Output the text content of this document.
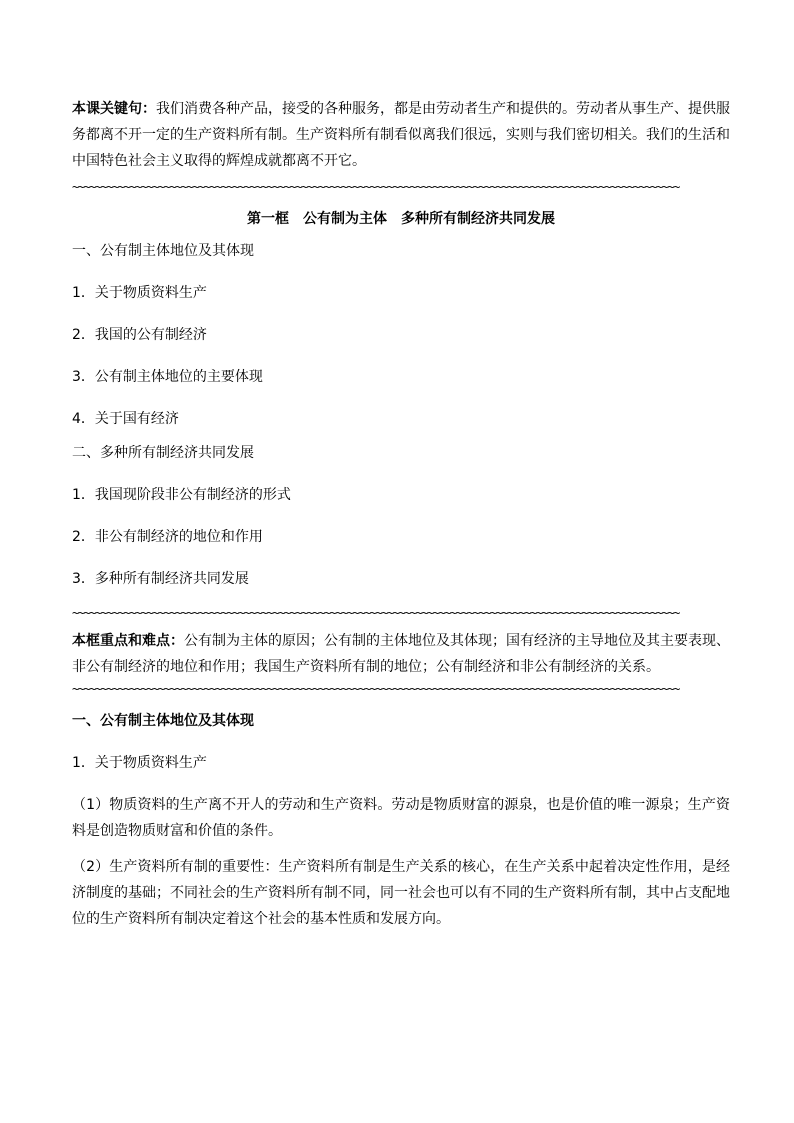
本课关键句：我们消费各种产品，接受的各种服务，都是由劳动者生产和提供的。劳动者从事生产、提供服务都离不开一定的生产资料所有制。生产资料所有制看似离我们很远，实则与我们密切相关。我们的生活和中国特色社会主义取得的辉煌成就都离不开它。

~~~~~~~~~~~~~~~~~~~~~~~~~~~~~~~~~~~~~~~~~~~~~~~~~~~~~~~~~~~~~~~~~~~~~~~~~~~~~~~~~~~~~~~~~~~~~~~~~~~~~~~~~~
第一框　公有制为主体　多种所有制经济共同发展
一、公有制主体地位及其体现
1．关于物质资料生产
2．我国的公有制经济
3．公有制主体地位的主要体现
4．关于国有经济
二、多种所有制经济共同发展
1．我国现阶段非公有制经济的形式
2．非公有制经济的地位和作用
3．多种所有制经济共同发展
~~~~~~~~~~~~~~~~~~~~~~~~~~~~~~~~~~~~~~~~~~~~~~~~~~~~~~~~~~~~~~~~~~~~~~~~~~~~~~~~~~~~~~~~~~~~~~~~~~~~~~~~~~

本框重点和难点：公有制为主体的原因；公有制的主体地位及其体现；国有经济的主导地位及其主要表现、非公有制经济的地位和作用；我国生产资料所有制的地位；公有制经济和非公有制经济的关系。

~~~~~~~~~~~~~~~~~~~~~~~~~~~~~~~~~~~~~~~~~~~~~~~~~~~~~~~~~~~~~~~~~~~~~~~~~~~~~~~~~~~~~~~~~~~~~~~~~~~~~~~~~~
一、公有制主体地位及其体现
1．关于物质资料生产

（1）物质资料的生产离不开人的劳动和生产资料。劳动是物质财富的源泉，也是价值的唯一源泉；生产资料是创造物质财富和价值的条件。

（2）生产资料所有制的重要性：生产资料所有制是生产关系的核心，在生产关系中起着决定性作用，是经济制度的基础；不同社会的生产资料所有制不同，同一社会也可以有不同的生产资料所有制，其中占支配地位的生产资料所有制决定着这个社会的基本性质和发展方向。
